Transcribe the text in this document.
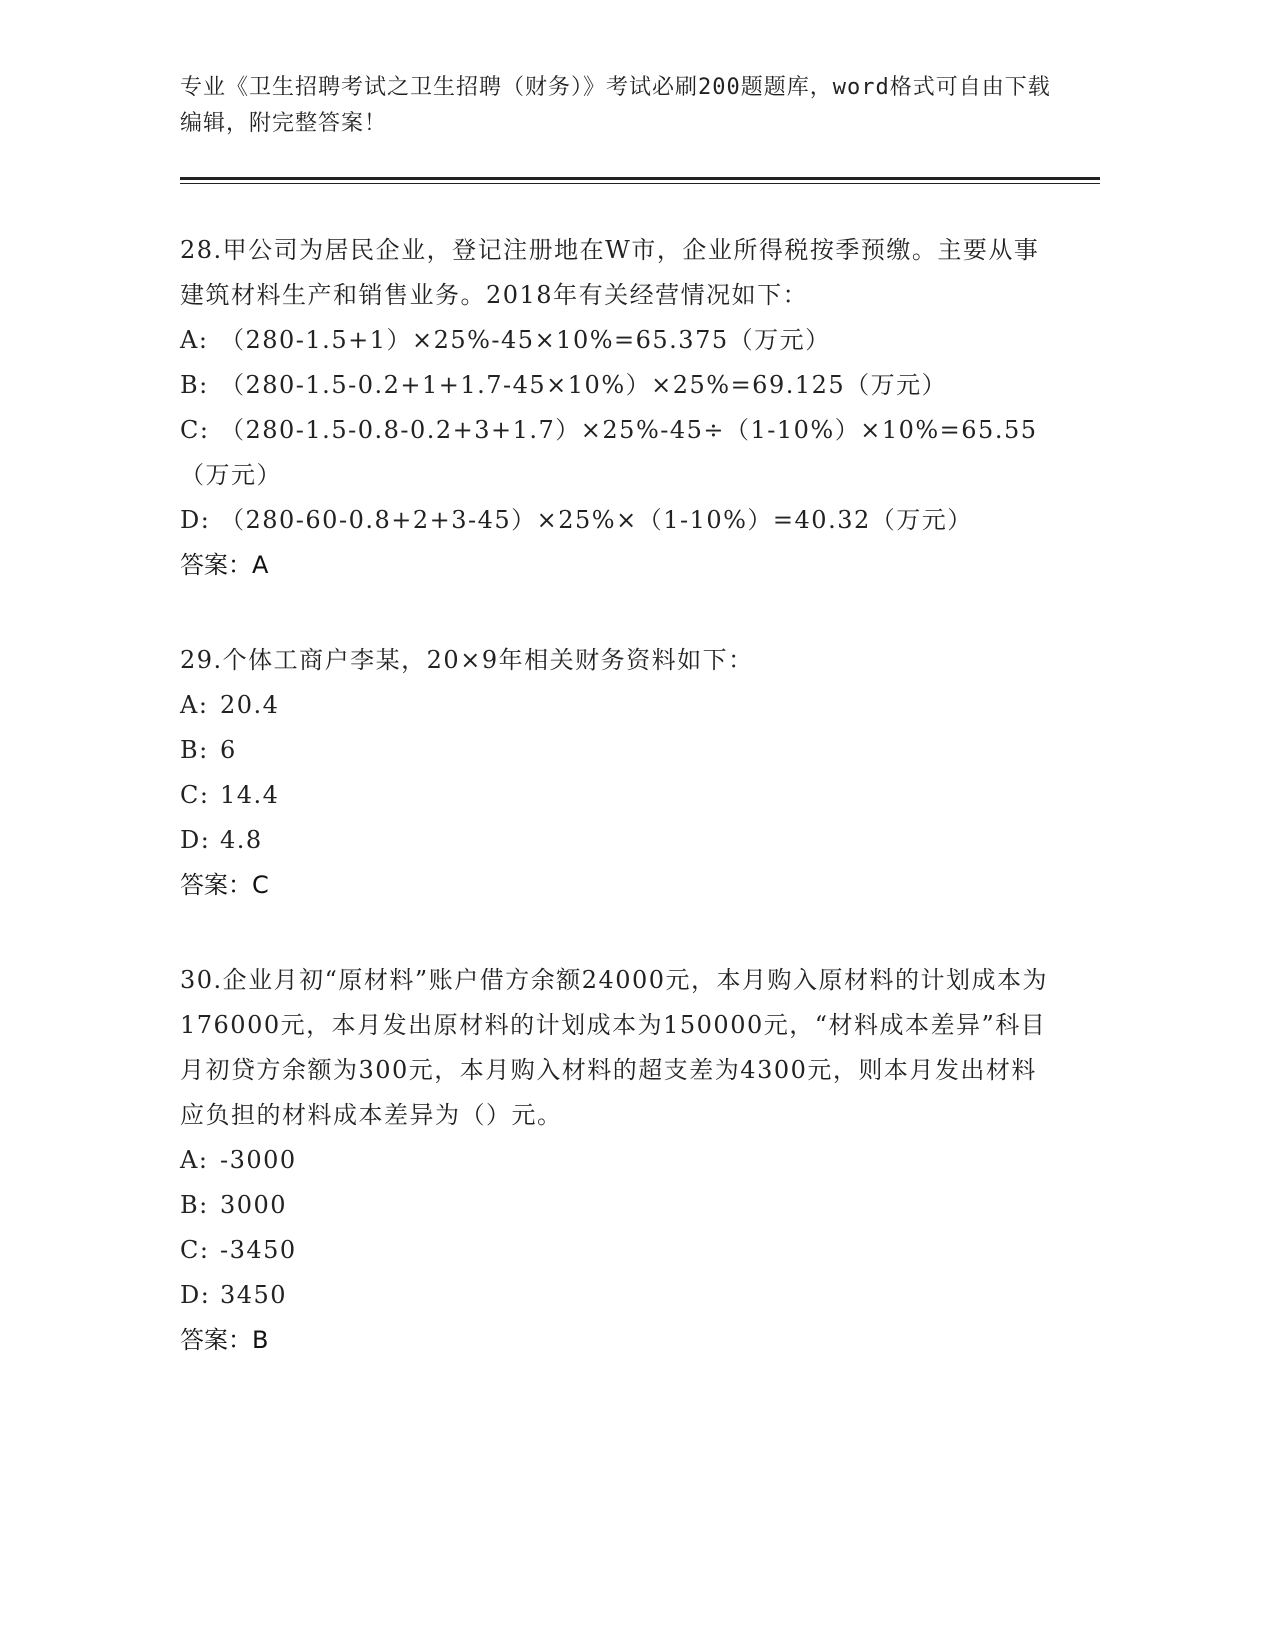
专业《卫生招聘考试之卫生招聘（财务）》考试必刷200题题库，word格式可自由下载编辑，附完整答案！
28.甲公司为居民企业，登记注册地在W市，企业所得税按季预缴。主要从事建筑材料生产和销售业务。2018年有关经营情况如下：
A: （280-1.5+1）×25%-45×10%=65.375（万元）
B: （280-1.5-0.2+1+1.7-45×10%）×25%=69.125（万元）
C: （280-1.5-0.8-0.2+3+1.7）×25%-45÷（1-10%）×10%=65.55（万元）
D: （280-60-0.8+2+3-45）×25%×（1-10%）=40.32（万元）
答案：A
29.个体工商户李某，20×9年相关财务资料如下：
A: 20.4
B: 6
C: 14.4
D: 4.8
答案：C
30.企业月初“原材料”账户借方余额24000元，本月购入原材料的计划成本为176000元，本月发出原材料的计划成本为150000元，“材料成本差异”科目月初贷方余额为300元，本月购入材料的超支差为4300元，则本月发出材料应负担的材料成本差异为（）元。
A: -3000
B: 3000
C: -3450
D: 3450
答案：B
